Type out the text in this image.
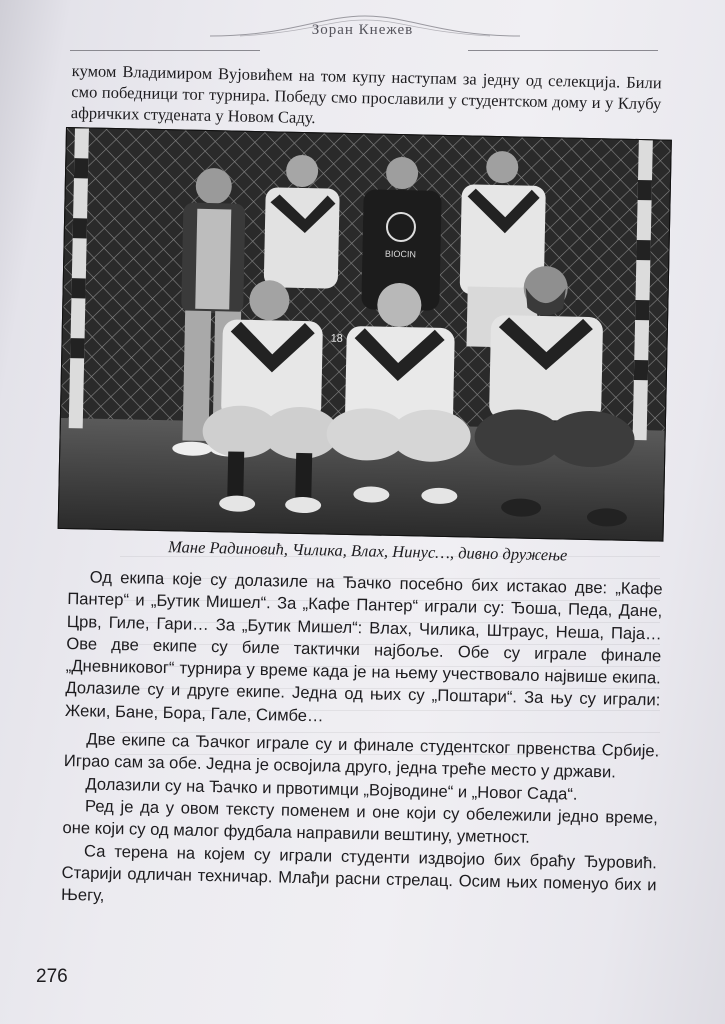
Зоран Кнежев

кумом Владимиром Вујовићем на том купу наступам за једну од селекција. Били смо победници тог турнира. Победу смо прославили у студентском дому и у Клубу афричких студената у Новом Саду.

BIOCIN
18

Мане Радиновић, Чилика, Влах, Нинус…, дивно дружење

Од екипа које су долазиле на Ђачко посебно бих истакао две: „Кафе Пантер“ и „Бутик Мишел“. За „Кафе Пантер“ играли су: Ђоша, Педа, Дане, Црв, Гиле, Гари… За „Бутик Мишел“: Влах, Чилика, Штраус, Неша, Паја… Ове две екипе су биле тактички најбоље. Обе су играле финале „Дневниковог“ турнира у време када је на њему учествовало највише екипа. Долазиле су и друге екипе. Једна од њих су „Поштари“. За њу су играли: Жеки, Бане, Бора, Гале, Симбе…

Две екипе са Ђачког играле су и финале студентског првенства Србије. Играо сам за обе. Једна је освојила друго, једна треће место у држави.

Долазили су на Ђачко и првотимци „Војводине“ и „Новог Сада“.

Ред је да у овом тексту поменем и оне који су обележили једно време, оне који су од малог фудбала направили вештину, уметност.

Са терена на којем су играли студенти издвојио бих браћу Ђуровић. Старији одличан техничар. Млађи расни стрелац. Осим њих поменуо бих и Његу,

276
